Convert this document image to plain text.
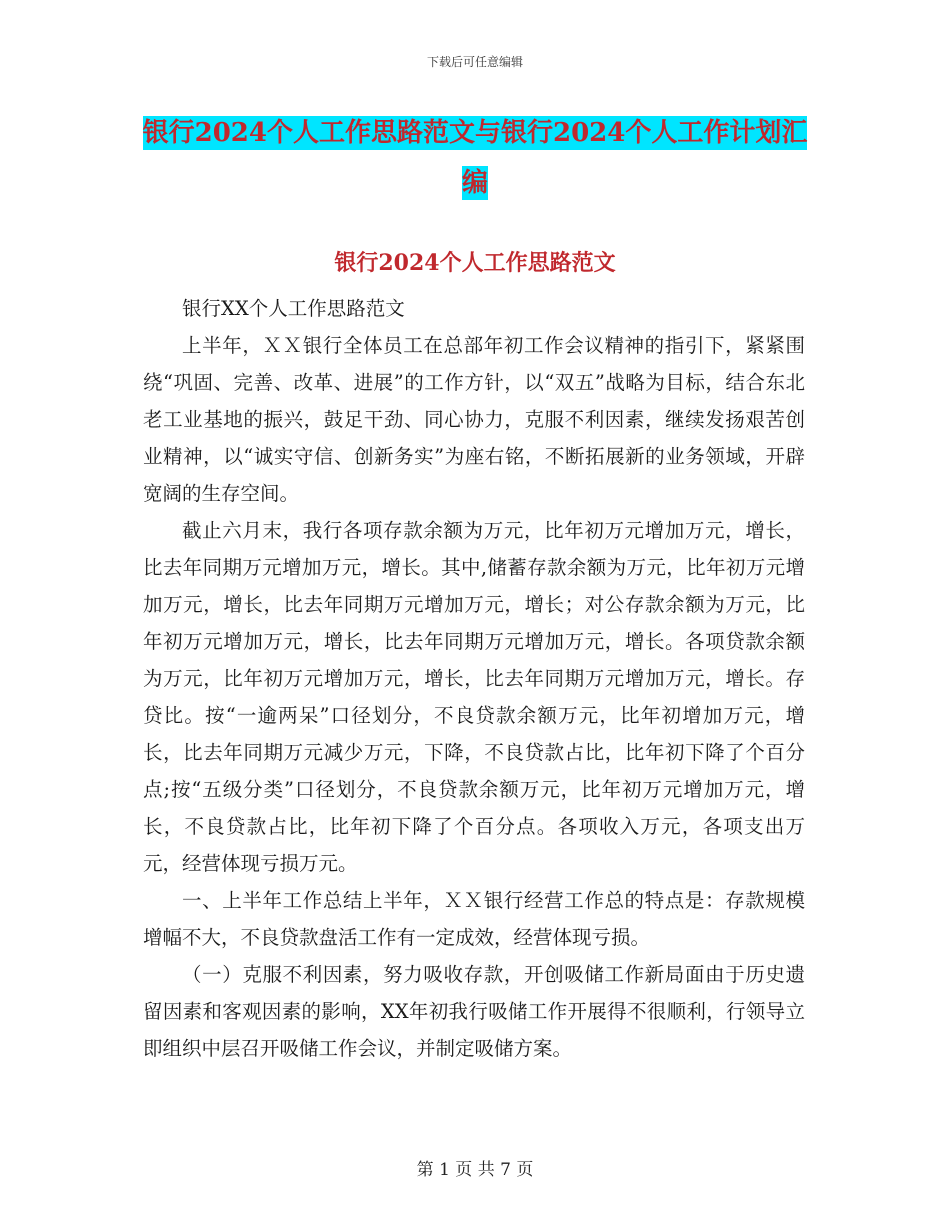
下载后可任意编辑
银行2024个人工作思路范文与银行2024个人工作计划汇编
银行2024个人工作思路范文

银行XX个人工作思路范文

上半年，ＸＸ银行全体员工在总部年初工作会议精神的指引下，紧紧围绕“巩固、完善、改革、进展”的工作方针，以“双五”战略为目标，结合东北老工业基地的振兴，鼓足干劲、同心协力，克服不利因素，继续发扬艰苦创业精神，以“诚实守信、创新务实”为座右铭，不断拓展新的业务领域，开辟宽阔的生存空间。

截止六月末，我行各项存款余额为万元，比年初万元增加万元，增长，比去年同期万元增加万元，增长。其中,储蓄存款余额为万元，比年初万元增加万元，增长，比去年同期万元增加万元，增长；对公存款余额为万元，比年初万元增加万元，增长，比去年同期万元增加万元，增长。各项贷款余额为万元，比年初万元增加万元，增长，比去年同期万元增加万元，增长。存贷比。按“一逾两呆”口径划分，不良贷款余额万元，比年初增加万元，增长，比去年同期万元减少万元，下降，不良贷款占比，比年初下降了个百分点;按“五级分类”口径划分，不良贷款余额万元，比年初万元增加万元，增长，不良贷款占比，比年初下降了个百分点。各项收入万元，各项支出万元，经营体现亏损万元。

一、上半年工作总结上半年，ＸＸ银行经营工作总的特点是：存款规模增幅不大，不良贷款盘活工作有一定成效，经营体现亏损。

（一）克服不利因素，努力吸收存款，开创吸储工作新局面由于历史遗留因素和客观因素的影响，XX年初我行吸储工作开展得不很顺利，行领导立即组织中层召开吸储工作会议，并制定吸储方案。

第 1 页 共 7 页
